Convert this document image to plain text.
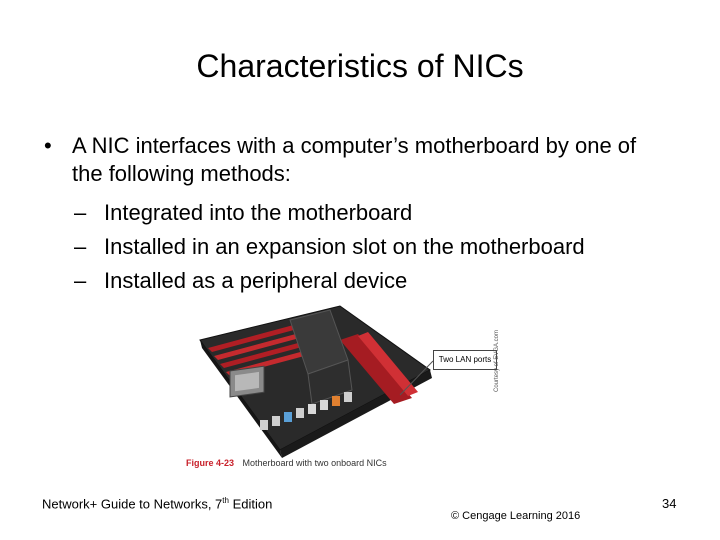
Characteristics of NICs
• A NIC interfaces with a computer’s motherboard by one of the following methods:
– Integrated into the motherboard
– Installed in an expansion slot on the motherboard
– Installed as a peripheral device
Two LAN ports Courtesy of EVGA.com
Figure 4-23 Motherboard with two onboard NICs
Network+ Guide to Networks, 7th Edition
© Cengage Learning 2016
34
